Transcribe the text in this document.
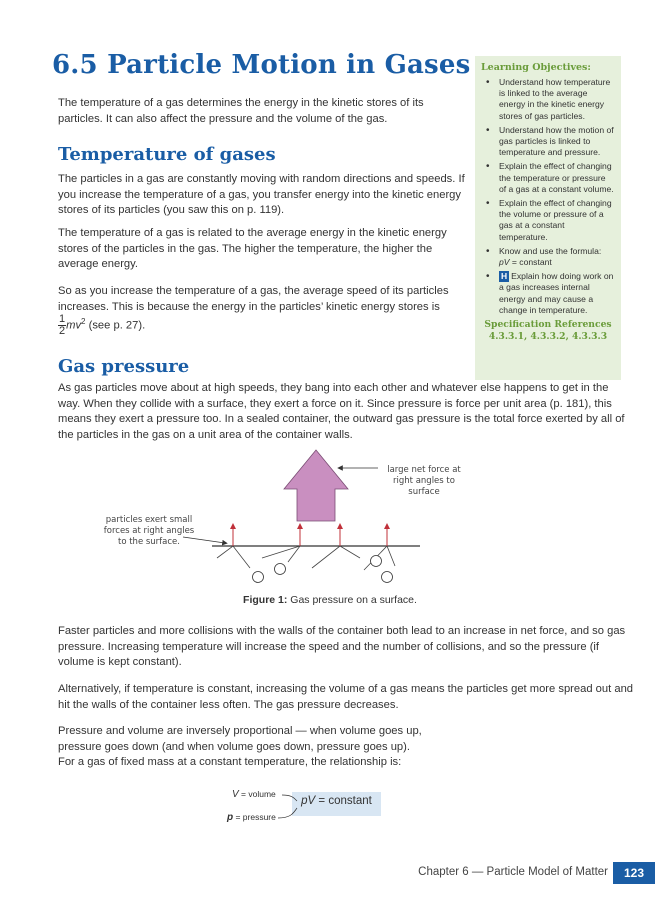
6.5 Particle Motion in Gases

The temperature of a gas determines the energy in the kinetic stores of its particles. It can also affect the pressure and the volume of the gas.

Temperature of gases

The particles in a gas are constantly moving with random directions and speeds. If you increase the temperature of a gas, you transfer energy into the kinetic energy stores of its particles (you saw this on p. 119).

The temperature of a gas is related to the average energy in the kinetic energy stores of the particles in the gas. The higher the temperature, the higher the average energy.

So as you increase the temperature of a gas, the average speed of its particles increases. This is because the energy in the particles’ kinetic energy stores is

$\frac{1}{2} mv^2$ (see p. 27).
Gas pressure

As gas particles move about at high speeds, they bang into each other and whatever else happens to get in the way. When they collide with a surface, they exert a force on it. Since pressure is force per unit area (p. 181), this means they exert a pressure too. In a sealed container, the outward gas pressure is the total force exerted by all of the particles in the gas on a unit area of the container walls.

large net force at right angles to surface
particles exert small forces at right angles to the surface.
Figure 1: Gas pressure on a surface.

Faster particles and more collisions with the walls of the container both lead to an increase in net force, and so gas pressure. Increasing temperature will increase the speed and the number of collisions, and so the pressure (if volume is kept constant).

Alternatively, if temperature is constant, increasing the volume of a gas means the particles get more spread out and hit the walls of the container less often. The gas pressure decreases.

Pressure and volume are inversely proportional — when volume goes up, pressure goes down (and when volume goes down, pressure goes up).

For a gas of fixed mass at a constant temperature, the relationship is:

pV = constant
V = volume
p = pressure

Learning Objectives:

• Understand how temperature is linked to the average energy in the kinetic energy stores of gas particles.
• Understand how the motion of gas particles is linked to temperature and pressure.
• Explain the effect of changing the temperature or pressure of a gas at a constant volume.
• Explain the effect of changing the volume or pressure of a gas at a constant temperature.
• Know and use the formula:
pV = constant
• H Explain how doing work on a gas increases internal energy and may cause a change in temperature.

Specification References

4.3.3.1, 4.3.3.2, 4.3.3.3

Chapter 6 — Particle Model of Matter	123
